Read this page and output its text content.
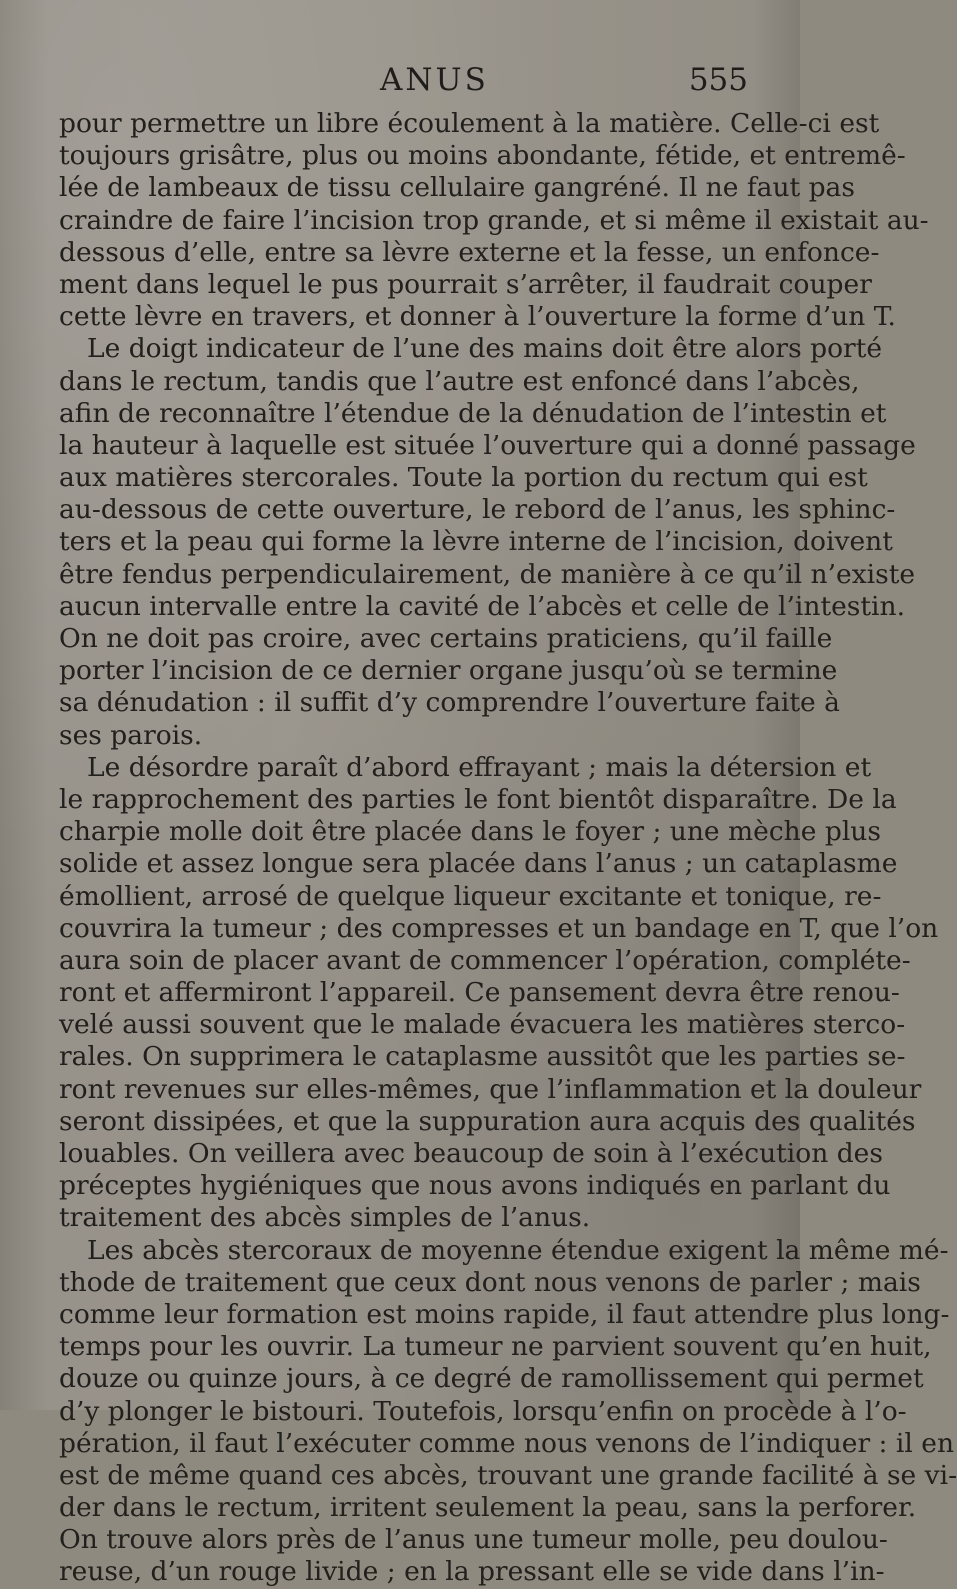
ANUS	555
pour permettre un libre écoulement à la matière. Celle-ci est
toujours grisâtre, plus ou moins abondante, fétide, et entremê-
lée de lambeaux de tissu cellulaire gangréné. Il ne faut pas
craindre de faire l’incision trop grande, et si même il existait au-
dessous d’elle, entre sa lèvre externe et la fesse, un enfonce-
ment dans lequel le pus pourrait s’arrêter, il faudrait couper
cette lèvre en travers, et donner à l’ouverture la forme d’un T.
Le doigt indicateur de l’une des mains doit être alors porté
dans le rectum, tandis que l’autre est enfoncé dans l’abcès,
afin de reconnaître l’étendue de la dénudation de l’intestin et
la hauteur à laquelle est située l’ouverture qui a donné passage
aux matières stercorales. Toute la portion du rectum qui est
au-dessous de cette ouverture, le rebord de l’anus, les sphinc-
ters et la peau qui forme la lèvre interne de l’incision, doivent
être fendus perpendiculairement, de manière à ce qu’il n’existe
aucun intervalle entre la cavité de l’abcès et celle de l’intestin.
On ne doit pas croire, avec certains praticiens, qu’il faille
porter l’incision de ce dernier organe jusqu’où se termine
sa dénudation : il suffit d’y comprendre l’ouverture faite à
ses parois.
Le désordre paraît d’abord effrayant ; mais la détersion et
le rapprochement des parties le font bientôt disparaître. De la
charpie molle doit être placée dans le foyer ; une mèche plus
solide et assez longue sera placée dans l’anus ; un cataplasme
émollient, arrosé de quelque liqueur excitante et tonique, re-
couvrira la tumeur ; des compresses et un bandage en T, que l’on
aura soin de placer avant de commencer l’opération, compléte-
ront et affermiront l’appareil. Ce pansement devra être renou-
velé aussi souvent que le malade évacuera les matières sterco-
rales. On supprimera le cataplasme aussitôt que les parties se-
ront revenues sur elles-mêmes, que l’inflammation et la douleur
seront dissipées, et que la suppuration aura acquis des qualités
louables. On veillera avec beaucoup de soin à l’exécution des
préceptes hygiéniques que nous avons indiqués en parlant du
traitement des abcès simples de l’anus.
Les abcès stercoraux de moyenne étendue exigent la même mé-
thode de traitement que ceux dont nous venons de parler ; mais
comme leur formation est moins rapide, il faut attendre plus long-
temps pour les ouvrir. La tumeur ne parvient souvent qu’en huit,
douze ou quinze jours, à ce degré de ramollissement qui permet
d’y plonger le bistouri. Toutefois, lorsqu’enfin on procède à l’o-
pération, il faut l’exécuter comme nous venons de l’indiquer : il en
est de même quand ces abcès, trouvant une grande facilité à se vi-
der dans le rectum, irritent seulement la peau, sans la perforer.
On trouve alors près de l’anus une tumeur molle, peu doulou-
reuse, d’un rouge livide ; en la pressant elle se vide dans l’in-
